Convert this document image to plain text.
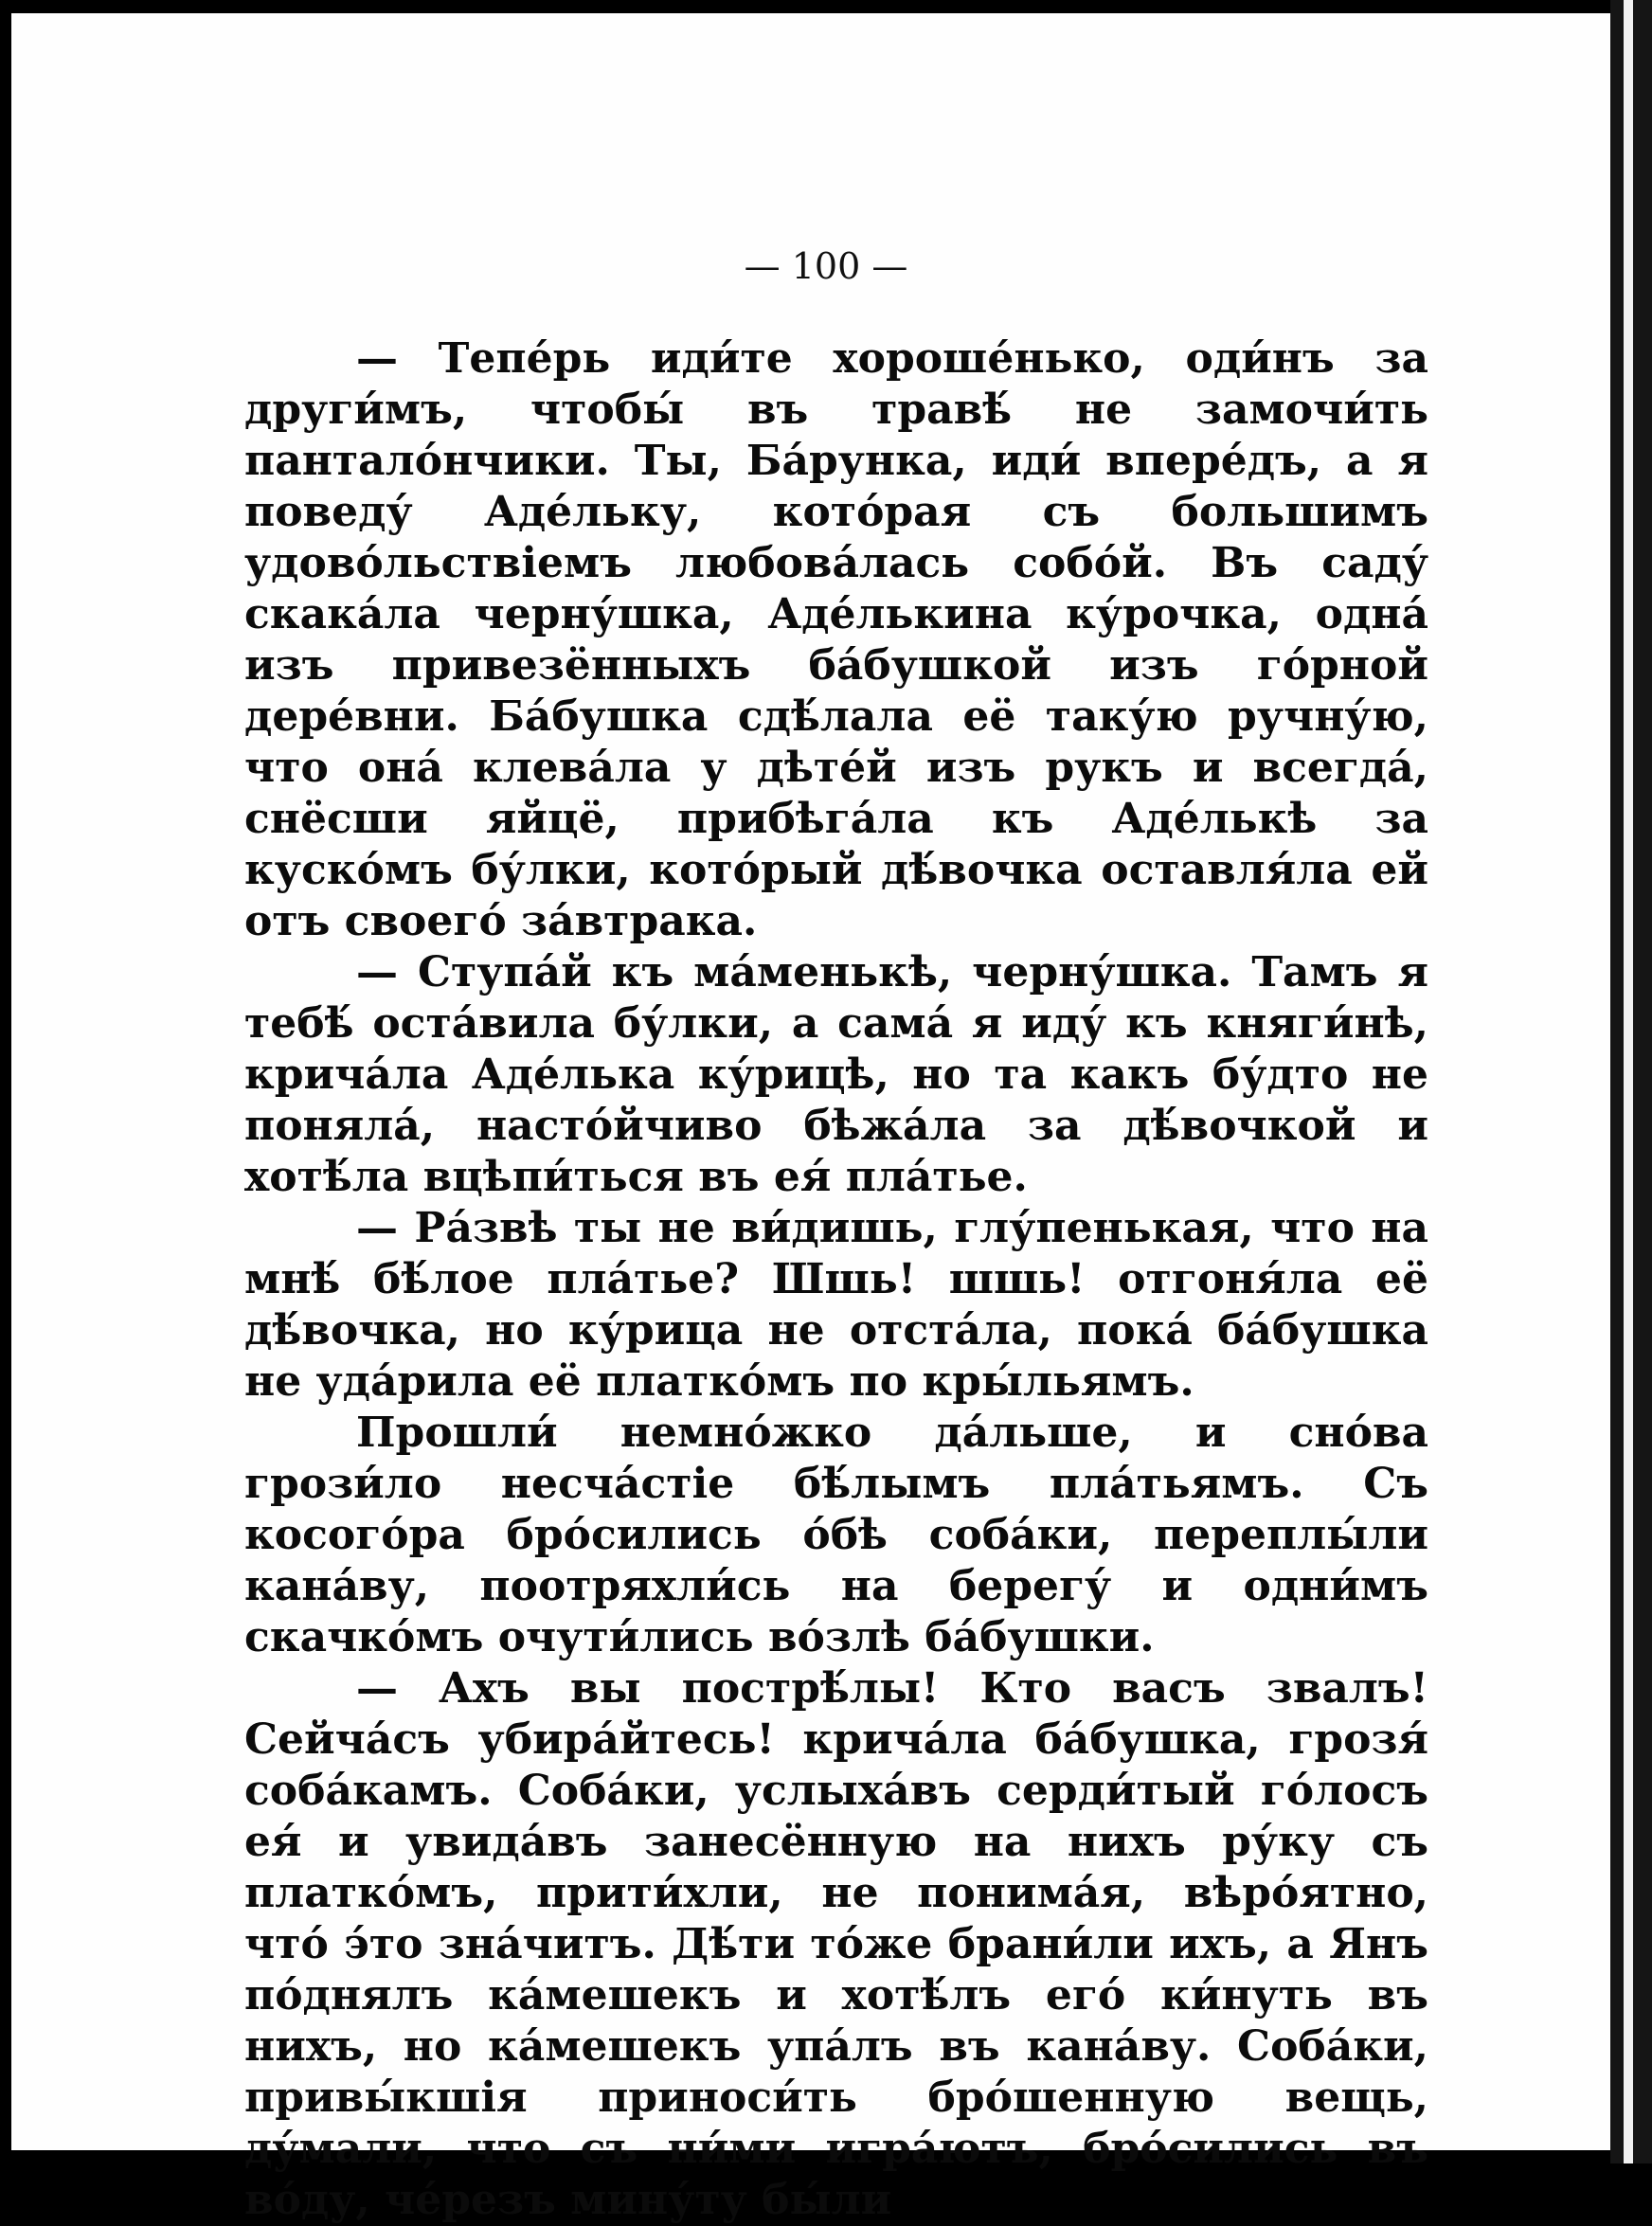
— 100 —

— Тепе́рь иди́те хороше́нько, оди́нъ за други́мъ, чтобы́ въ травѣ́ не замочи́ть пантало́нчики. Ты, Ба́рунка, иди́ впере́дъ, а я поведу́ Аде́льку, кото́рая съ большимъ удово́льствіемъ любова́лась собо́й. Въ саду́ скака́ла черну́шка, Аде́лькина ку́рочка, одна́ изъ привезённыхъ ба́бушкой изъ го́рной дере́вни. Ба́бушка сдѣ́лала её таку́ю ручну́ю, что она́ клева́ла у дѣте́й изъ рукъ и всегда́, снёсши яйцё, прибѣга́ла къ Аде́лькѣ за куско́мъ бу́лки, кото́рый дѣ́вочка оставля́ла ей отъ своего́ за́втрака.

— Ступа́й къ ма́менькѣ, черну́шка. Тамъ я тебѣ́ оста́вила бу́лки, а сама́ я иду́ къ княги́нѣ, крича́ла Аде́лька ку́рицѣ, но та какъ бу́дто не поняла́, насто́йчиво бѣжа́ла за дѣ́вочкой и хотѣ́ла вцѣпи́ться въ ея́ пла́тье.

— Ра́звѣ ты не ви́дишь, глу́пенькая, что на мнѣ́ бѣ́лое пла́тье? Шшь! шшь! отгоня́ла её дѣ́вочка, но ку́рица не отста́ла, пока́ ба́бушка не уда́рила её платко́мъ по кры́льямъ.

Прошли́ немно́жко да́льше, и сно́ва грози́ло несча́стіе бѣ́лымъ пла́тьямъ. Съ косого́ра бро́сились о́бѣ соба́ки, переплы́ли кана́ву, поотряхли́сь на берегу́ и одни́мъ скачко́мъ очути́лись во́злѣ ба́бушки.

— Ахъ вы пострѣ́лы! Кто васъ звалъ! Сейча́съ убира́йтесь! крича́ла ба́бушка, грозя́ соба́камъ. Соба́ки, услыха́въ серди́тый го́лосъ ея́ и увида́въ занесённую на нихъ ру́ку съ платко́мъ, прити́хли, не понима́я, вѣро́ятно, что́ э́то зна́читъ. Дѣ́ти то́же брани́ли ихъ, а Янъ по́днялъ ка́мешекъ и хотѣ́лъ его́ ки́нуть въ нихъ, но ка́мешекъ упа́лъ въ кана́ву. Соба́ки, привы́кшія приноси́ть бро́шенную вещь, ду́мали, что съ ни́ми игра́ютъ, бро́сились въ во́ду, че́резъ мину́ту бы́ли
